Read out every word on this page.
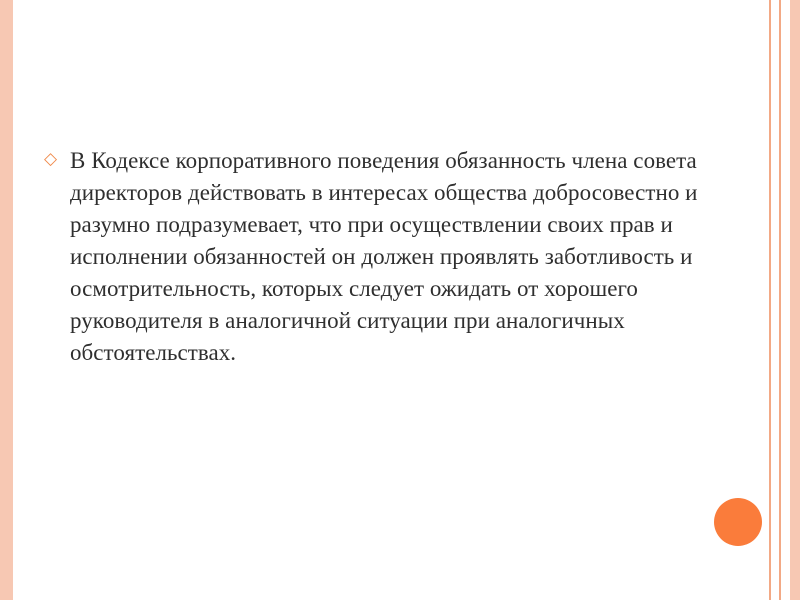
◇ В Кодексе корпоративного поведения обязанность члена совета директоров действовать в интересах общества добросовестно и разумно подразумевает, что при осуществлении своих прав и исполнении обязанностей он должен проявлять заботливость и осмотрительность, которых следует ожидать от хорошего руководителя в аналогичной ситуации при аналогичных обстоятельствах.
